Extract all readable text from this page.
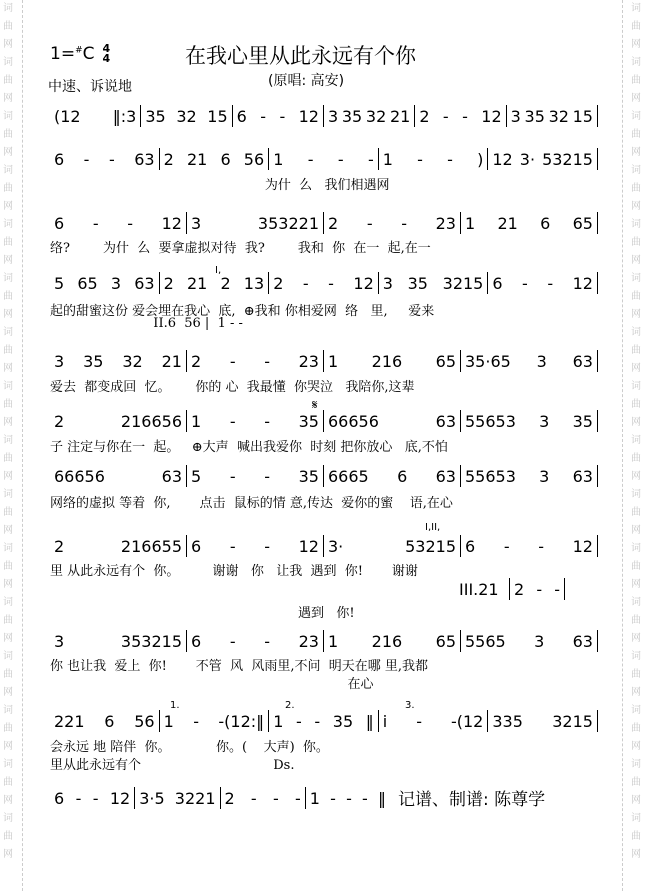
词
曲
网
词
曲
网
词
曲
网
词
曲
网
词
曲
网
词
曲
网
词
曲
网
词
曲
网
词
曲
网
词
曲
网
词
曲
网
词
曲
网
词
曲
网
词
曲
网
词
曲
网
词
曲
网
词
曲
网
词
曲
网
词
曲
网
词
曲
网
词
曲
网
词
曲
网
词
曲
网
词
曲
网
词
曲
网
词
曲
网
词
曲
网
词
曲
网
词
曲
网
词
曲
网
词
曲
网
词
曲
网
1=#C 4
4	在我心里从此永远有个你
(原唱: 高安)
中速、诉说地
I,
I,II,
𝄋
1.	2.	3.
(12 ‖:3 35 32 15 6 - - 12 3 35 32 21 2 - - 12 3 35 32 15
6 - - 63 2 21 6 56 1 - - - 1 - - ) 12 3· 53215
为什  么   我们相遇网
6 - - 12 3	353221 2 - - 23 1 21 6 65
络?        为什  么  要拿虚拟对待  我?        我和  你  在一  起,在一
5 65 3 63 2 21 2 13 2 - - 12 3 35 3215 6 - - 12
起的甜蜜这份 爱会埋在我心  底,  ⊕我和 你相爱网  络   里,     爱来
II.6  56 |  1 - -
3 35 32 21 2 - - 23 1 216 65 35·65 3 63
爱去  都变成回  忆。      你的 心  我最懂  你哭泣   我陪你,这辈
2	216656 1 - - 35 66656	63 55653 3 35
子 注定与你在一  起。   ⊕大声  喊出我爱你  时刻 把你放心   底,不怕
66656	63 5 - - 35 6665 6 63 55653 3 63
网络的虚拟 等着  你,       点击  鼠标的情 意,传达  爱你的蜜    语,在心
2	216655 6 - - 12 3·	53215 6 - - 12
里 从此永远有个  你。        谢谢   你   让我  遇到  你!       谢谢
III.21 2 - -
遇到   你!
3	353215 6 - - 23 1 216 65 5565 3 63
你 也让我  爱上  你!       不管  风  风雨里,不问  明天在哪 里,我都
在心
221 6 56 1 - -(12:‖ 1 - - 35 ‖ i - -(12 335 3215
会永远 地 陪伴  你。           你。(    大声)  你。
里从此永远有个                                Ds.
6 - - 12 3·5 3221 2 - - - 1 - - - ‖ 记谱、制谱: 陈尊学
